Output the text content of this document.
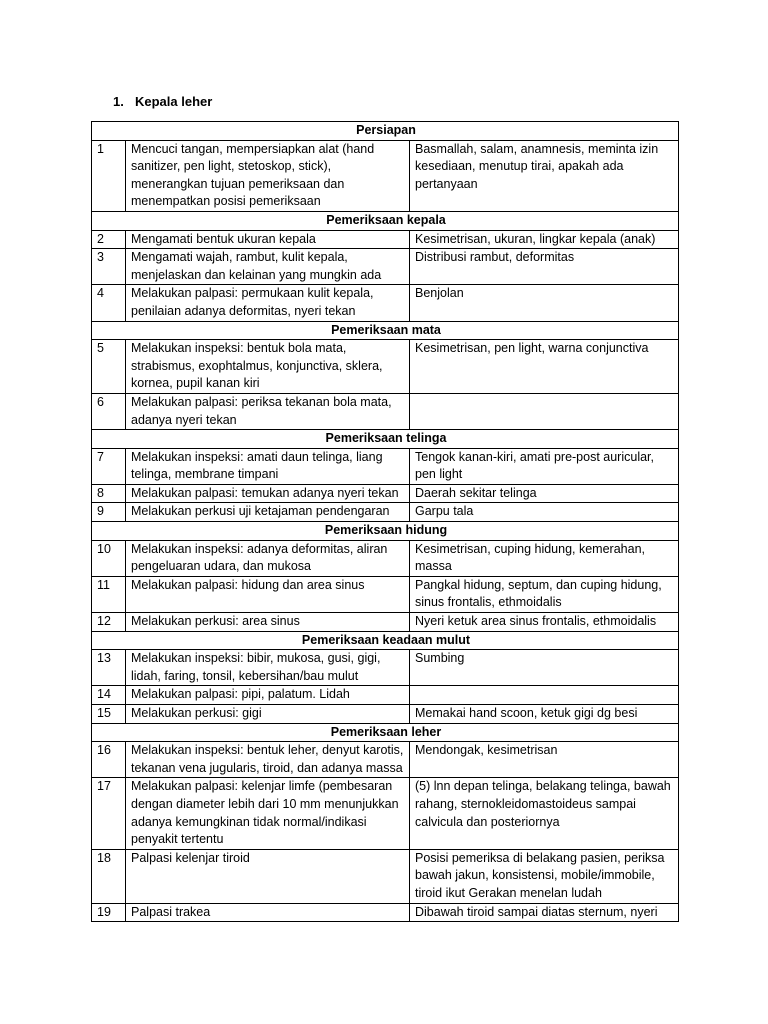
1. Kepala leher
Persiapan		
1	Mencuci tangan, mempersiapkan alat (hand sanitizer, pen light, stetoskop, stick), menerangkan tujuan pemeriksaan dan menempatkan posisi pemeriksaan	Basmallah, salam, anamnesis, meminta izin kesediaan, menutup tirai, apakah ada pertanyaan
Pemeriksaan kepala		
2	Mengamati bentuk ukuran kepala	Kesimetrisan, ukuran, lingkar kepala (anak)
3	Mengamati wajah, rambut, kulit kepala, menjelaskan dan kelainan yang mungkin ada	Distribusi rambut, deformitas
4	Melakukan palpasi: permukaan kulit kepala, penilaian adanya deformitas, nyeri tekan	Benjolan
Pemeriksaan mata		
5	Melakukan inspeksi: bentuk bola mata, strabismus, exophtalmus, konjunctiva, sklera, kornea, pupil kanan kiri	Kesimetrisan, pen light, warna conjunctiva
6	Melakukan palpasi: periksa tekanan bola mata, adanya nyeri tekan	
Pemeriksaan telinga		
7	Melakukan inspeksi: amati daun telinga, liang telinga, membrane timpani	Tengok kanan-kiri, amati pre-post auricular, pen light
8	Melakukan palpasi: temukan adanya nyeri tekan	Daerah sekitar telinga
9	Melakukan perkusi uji ketajaman pendengaran	Garpu tala
Pemeriksaan hidung		
10	Melakukan inspeksi: adanya deformitas, aliran pengeluaran udara, dan mukosa	Kesimetrisan, cuping hidung, kemerahan, massa
11	Melakukan palpasi: hidung dan area sinus	Pangkal hidung, septum, dan cuping hidung, sinus frontalis, ethmoidalis
12	Melakukan perkusi: area sinus	Nyeri ketuk area sinus frontalis, ethmoidalis
Pemeriksaan keadaan mulut		
13	Melakukan inspeksi: bibir, mukosa, gusi, gigi, lidah, faring, tonsil, kebersihan/bau mulut	Sumbing
14	Melakukan palpasi: pipi, palatum. Lidah	
15	Melakukan perkusi: gigi	Memakai hand scoon, ketuk gigi dg besi
Pemeriksaan leher		
16	Melakukan inspeksi: bentuk leher, denyut karotis, tekanan vena jugularis, tiroid, dan adanya massa	Mendongak, kesimetrisan
17	Melakukan palpasi: kelenjar limfe (pembesaran dengan diameter lebih dari 10 mm menunjukkan adanya kemungkinan tidak normal/indikasi penyakit tertentu	(5) lnn depan telinga, belakang telinga, bawah rahang, sternokleidomastoideus sampai calvicula dan posteriornya
18	Palpasi kelenjar tiroid	Posisi pemeriksa di belakang pasien, periksa bawah jakun, konsistensi, mobile/immobile, tiroid ikut Gerakan menelan ludah
19	Palpasi trakea	Dibawah tiroid sampai diatas sternum, nyeri
